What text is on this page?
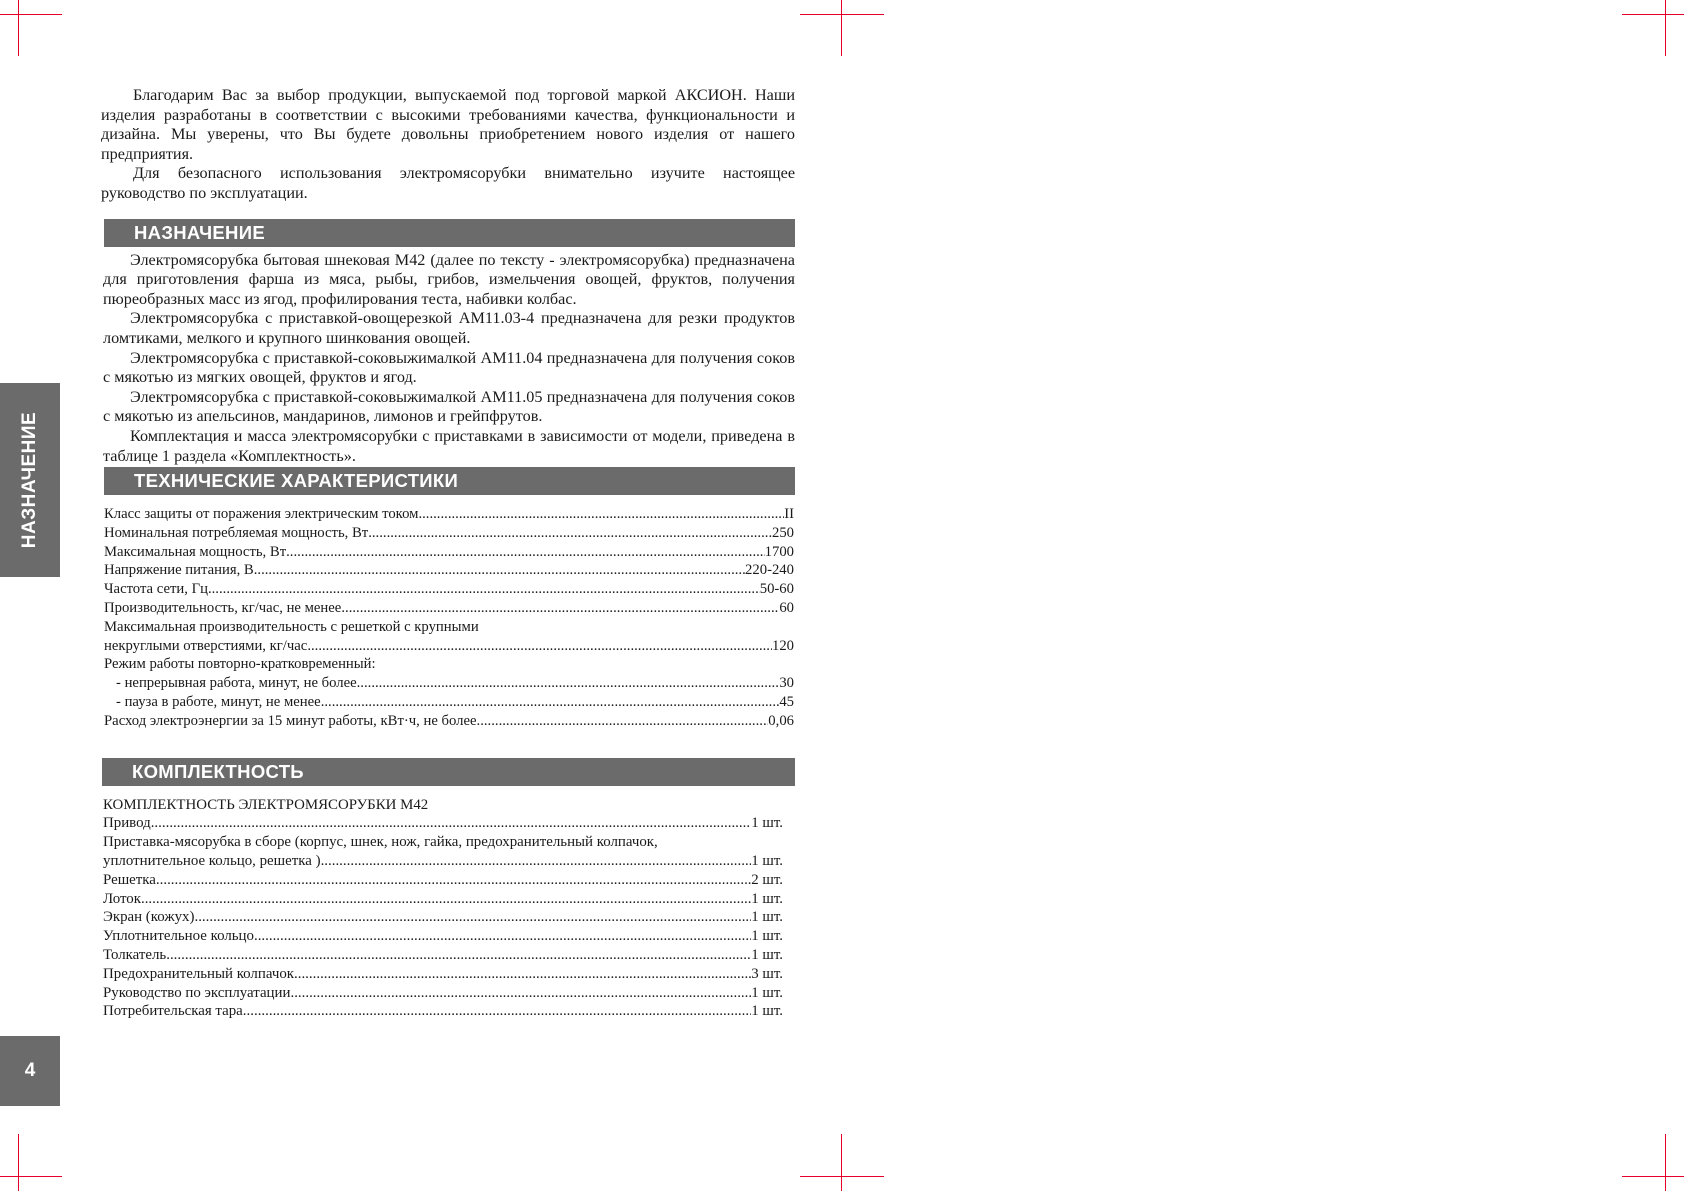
НАЗНАЧЕНИЕ
4

Благодарим Вас за выбор продукции, выпускаемой под торговой маркой АКСИОН. Наши изделия разработаны в соответствии с высокими требованиями качества, функциональности и дизайна. Мы уверены, что Вы будете довольны приобретением нового изделия от нашего предприятия.

Для безопасного использования электромясорубки внимательно изучите настоящее руководство по эксплуатации.

НАЗНАЧЕНИЕ

Электромясорубка бытовая шнековая М42 (далее по тексту - электромясорубка) предназначена для приготовления фарша из мяса, рыбы, грибов, измельчения овощей, фруктов, получения пюреобразных масс из ягод, профилирования теста, набивки колбас.

Электромясорубка с приставкой-овощерезкой АМ11.03-4 предназначена для резки продуктов ломтиками, мелкого и крупного шинкования овощей.

Электромясорубка с приставкой-соковыжималкой АМ11.04 предназначена для получения соков с мякотью из мягких овощей, фруктов и ягод.

Электромясорубка с приставкой-соковыжималкой АМ11.05 предназначена для получения соков с мякотью из апельсинов, мандаринов, лимонов и грейпфрутов.

Комплектация и масса электромясорубки с приставками в зависимости от модели, приведена в таблице 1 раздела «Комплектность».

ТЕХНИЧЕСКИЕ ХАРАКТЕРИСТИКИ
Класс защиты от поражения электрическим током .....	II
Номинальная потребляемая мощность, Вт .....	250
Максимальная мощность, Вт .....	1700
Напряжение питания, В .....	220-240
Частота сети, Гц .....	50-60
Производительность, кг/час, не менее .....	60
Максимальная производительность с решеткой с крупными
некруглыми отверстиями, кг/час .....	120
Режим работы повторно-кратковременный:
- непрерывная работа, минут, не более .....	30
- пауза в работе, минут, не менее .....	45
Расход электроэнергии за 15 минут работы, кВт·ч, не более .....	0,06
КОМПЛЕКТНОСТЬ
КОМПЛЕКТНОСТЬ ЭЛЕКТРОМЯСОРУБКИ М42
Привод .....	1 шт.
Приставка-мясорубка в сборе (корпус, шнек, нож, гайка, предохранительный колпачок,
уплотнительное кольцо, решетка ) .....	1 шт.
Решетка .....	2 шт.
Лоток .....	1 шт.
Экран (кожух) .....	1 шт.
Уплотнительное кольцо .....	1 шт.
Толкатель .....	1 шт.
Предохранительный колпачок .....	3 шт.
Руководство по эксплуатации .....	1 шт.
Потребительская тара .....	1 шт.
